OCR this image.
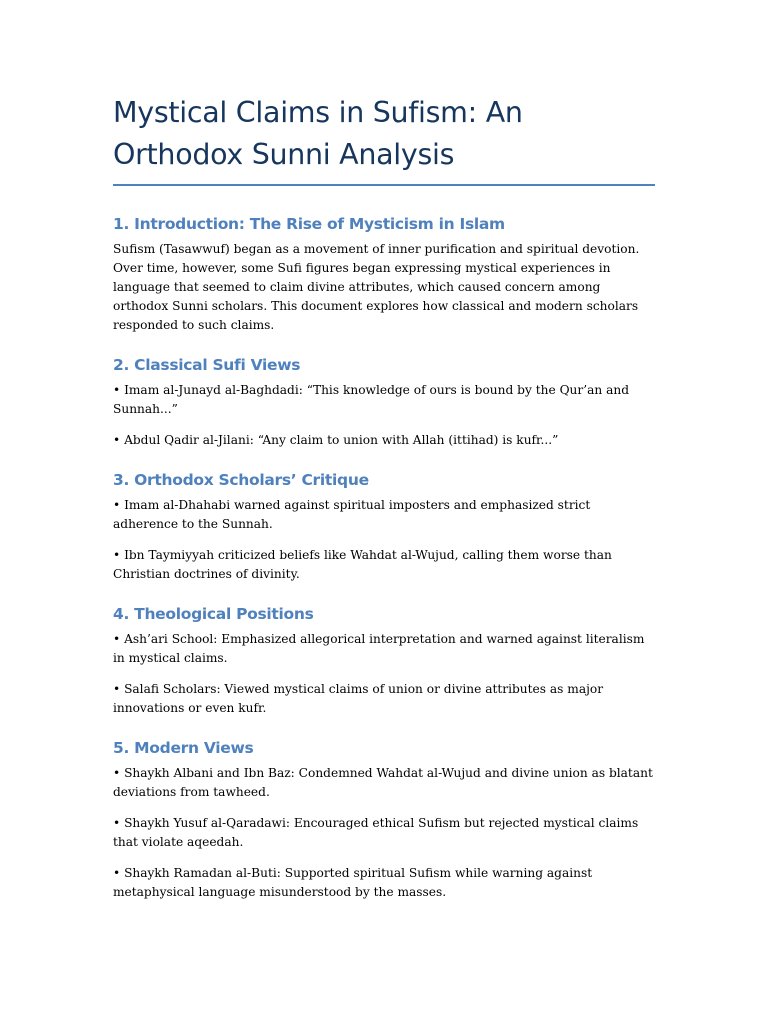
Mystical Claims in Sufism: An Orthodox Sunni Analysis
1. Introduction: The Rise of Mysticism in Islam

Sufism (Tasawwuf) began as a movement of inner purification and spiritual devotion. Over time, however, some Sufi figures began expressing mystical experiences in language that seemed to claim divine attributes, which caused concern among orthodox Sunni scholars. This document explores how classical and modern scholars responded to such claims.

2. Classical Sufi Views

• Imam al-Junayd al-Baghdadi: “This knowledge of ours is bound by the Qur’an and Sunnah...”

• Abdul Qadir al-Jilani: “Any claim to union with Allah (ittihad) is kufr...”

3. Orthodox Scholars’ Critique

• Imam al-Dhahabi warned against spiritual imposters and emphasized strict adherence to the Sunnah.

• Ibn Taymiyyah criticized beliefs like Wahdat al-Wujud, calling them worse than Christian doctrines of divinity.

4. Theological Positions

• Ash’ari School: Emphasized allegorical interpretation and warned against literalism in mystical claims.

• Salafi Scholars: Viewed mystical claims of union or divine attributes as major innovations or even kufr.

5. Modern Views

• Shaykh Albani and Ibn Baz: Condemned Wahdat al-Wujud and divine union as blatant deviations from tawheed.

• Shaykh Yusuf al-Qaradawi: Encouraged ethical Sufism but rejected mystical claims that violate aqeedah.

• Shaykh Ramadan al-Buti: Supported spiritual Sufism while warning against metaphysical language misunderstood by the masses.
